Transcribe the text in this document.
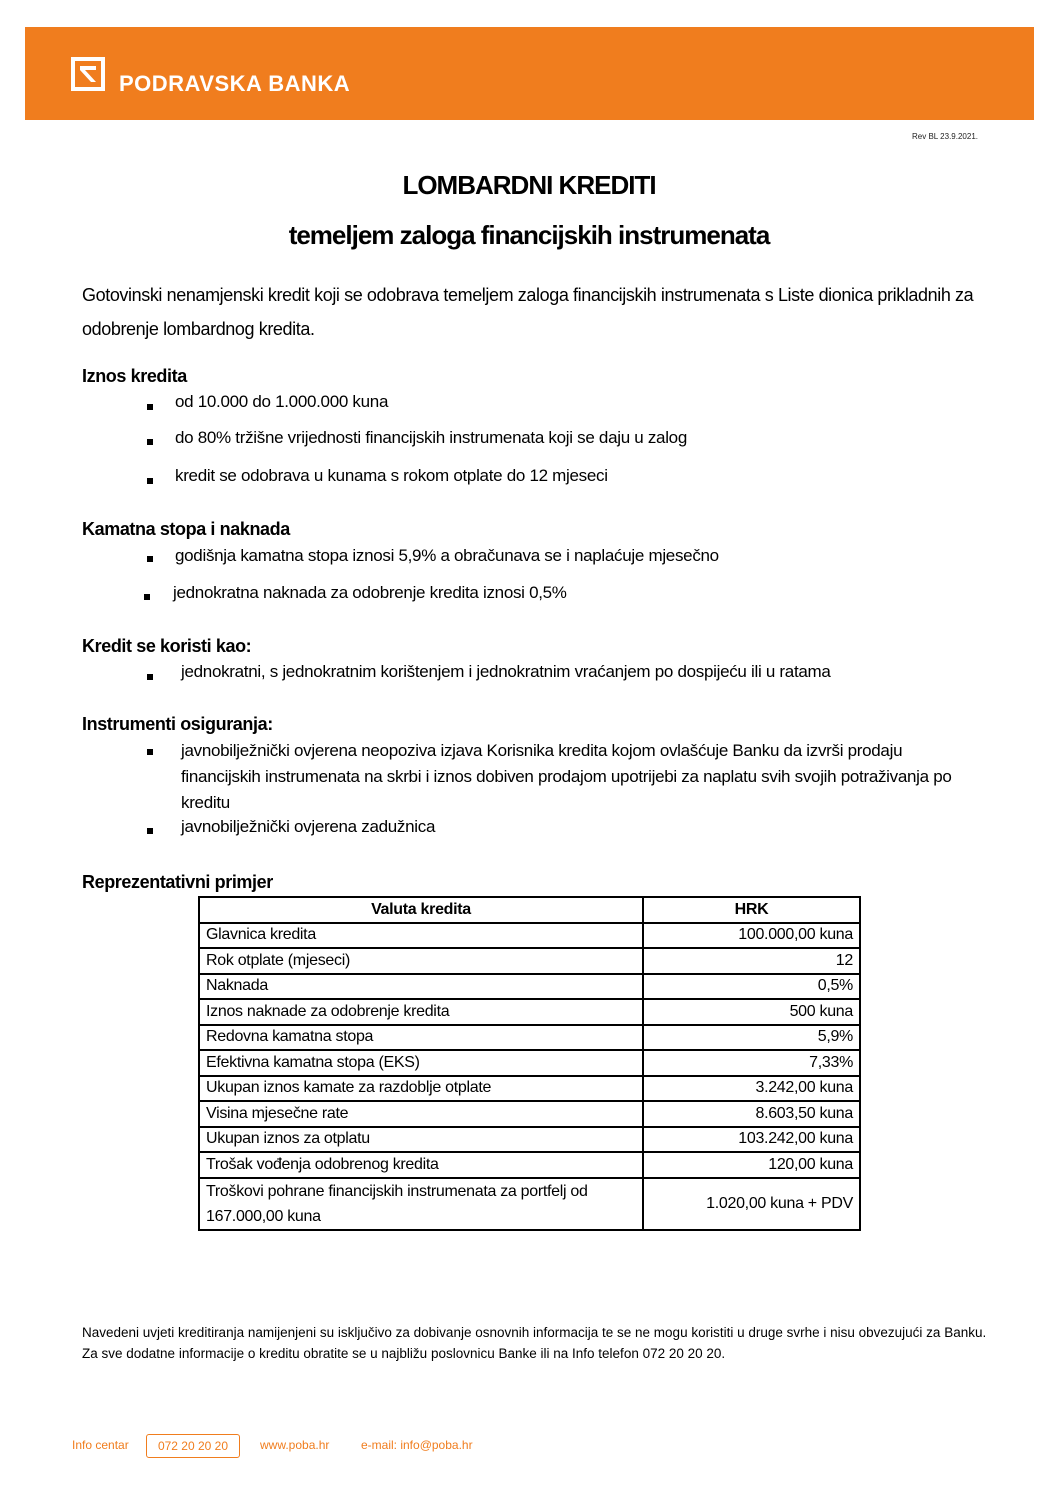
PODRAVSKA BANKA
Rev BL 23.9.2021.
LOMBARDNI KREDITI
temeljem zaloga financijskih instrumenata
Gotovinski nenamjenski kredit koji se odobrava temeljem zaloga financijskih instrumenata s Liste dionica prikladnih za odobrenje lombardnog kredita.
Iznos kredita
od 10.000 do 1.000.000 kuna
do 80% tržišne vrijednosti financijskih instrumenata koji se daju u zalog
kredit se odobrava u kunama s rokom otplate do 12 mjeseci
Kamatna stopa i naknada
godišnja kamatna stopa iznosi 5,9% a obračunava se i naplaćuje mjesečno
jednokratna naknada za odobrenje kredita iznosi 0,5%
Kredit se koristi kao:
jednokratni, s jednokratnim korištenjem i jednokratnim vraćanjem po dospijeću ili u ratama
Instrumenti osiguranja:
javnobilježnički ovjerena neopoziva izjava Korisnika kredita kojom ovlašćuje Banku da izvrši prodaju financijskih instrumenata na skrbi i iznos dobiven prodajom upotrijebi za naplatu svih svojih potraživanja po kreditu
javnobilježnički ovjerena zadužnica
Reprezentativni primjer
Valuta kredita	HRK
Glavnica kredita	100.000,00 kuna
Rok otplate (mjeseci)	12
Naknada	0,5%
Iznos naknade za odobrenje kredita	500 kuna
Redovna kamatna stopa	5,9%
Efektivna kamatna stopa (EKS)	7,33%
Ukupan iznos kamate za razdoblje otplate	3.242,00 kuna
Visina mjesečne rate	8.603,50 kuna
Ukupan iznos za otplatu	103.242,00 kuna
Trošak vođenja odobrenog kredita	120,00 kuna
Troškovi pohrane financijskih instrumenata za portfelj od 167.000,00 kuna	1.020,00 kuna + PDV
Navedeni uvjeti kreditiranja namijenjeni su isključivo za dobivanje osnovnih informacija te se ne mogu koristiti u druge svrhe i nisu obvezujući za Banku. Za sve dodatne informacije o kreditu obratite se u najbližu poslovnicu Banke ili na Info telefon 072 20 20 20.
Info centar	072 20 20 20	www.poba.hr	e-mail: info@poba.hr
